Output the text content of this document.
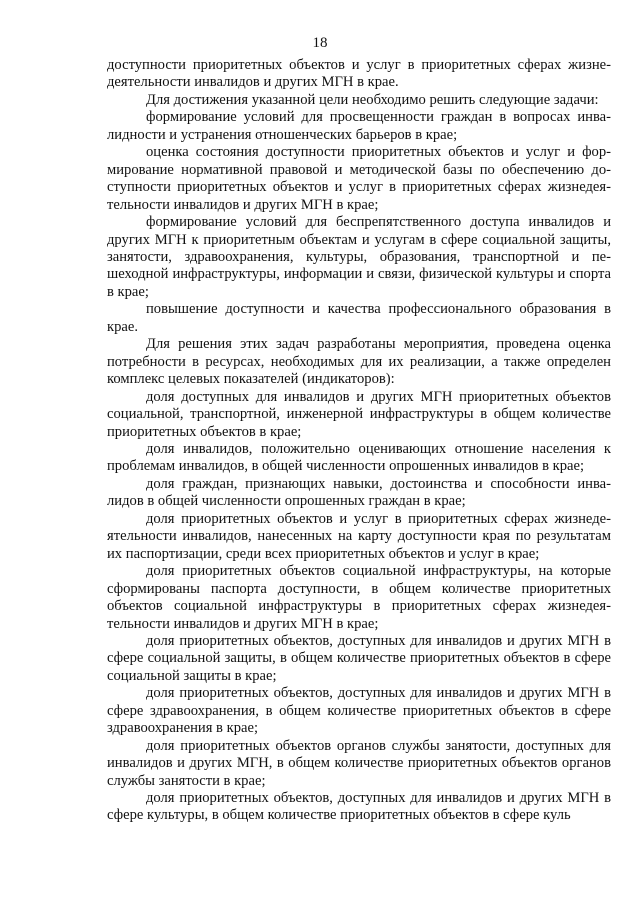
18

доступности приоритетных объектов и услуг в приоритетных сферах жизнедеятельности инвалидов и других МГН в крае.

Для достижения указанной цели необходимо решить следующие задачи:

формирование условий для просвещенности граждан в вопросах инвалидности и устранения отношенческих барьеров в крае;

оценка состояния доступности приоритетных объектов и услуг и формирование нормативной правовой и методической базы по обеспечению доступности приоритетных объектов и услуг в приоритетных сферах жизнедеятельности инвалидов и других МГН в крае;

формирование условий для беспрепятственного доступа инвалидов и других МГН к приоритетным объектам и услугам в сфере социальной защиты, занятости, здравоохранения, культуры, образования, транспортной и пешеходной инфраструктуры, информации и связи, физической культуры и спорта в крае;

повышение доступности и качества профессионального образования в крае.

Для решения этих задач разработаны мероприятия, проведена оценка потребности в ресурсах, необходимых для их реализации, а также определен комплекс целевых показателей (индикаторов):

доля доступных для инвалидов и других МГН приоритетных объектов социальной, транспортной, инженерной инфраструктуры в общем количестве приоритетных объектов в крае;

доля инвалидов, положительно оценивающих отношение населения к проблемам инвалидов, в общей численности опрошенных инвалидов в крае;

доля граждан, признающих навыки, достоинства и способности инвалидов в общей численности опрошенных граждан в крае;

доля приоритетных объектов и услуг в приоритетных сферах жизнедеятельности инвалидов, нанесенных на карту доступности края по результатам их паспортизации, среди всех приоритетных объектов и услуг в крае;

доля приоритетных объектов социальной инфраструктуры, на которые сформированы паспорта доступности, в общем количестве приоритетных объектов социальной инфраструктуры в приоритетных сферах жизнедеятельности инвалидов и других МГН в крае;

доля приоритетных объектов, доступных для инвалидов и других МГН в сфере социальной защиты, в общем количестве приоритетных объектов в сфере социальной защиты в крае;

доля приоритетных объектов, доступных для инвалидов и других МГН в сфере здравоохранения, в общем количестве приоритетных объектов в сфере здравоохранения в крае;

доля приоритетных объектов органов службы занятости, доступных для инвалидов и других МГН, в общем количестве приоритетных объектов органов службы занятости в крае;

доля приоритетных объектов, доступных для инвалидов и других МГН в сфере культуры, в общем количестве приоритетных объектов в сфере куль
